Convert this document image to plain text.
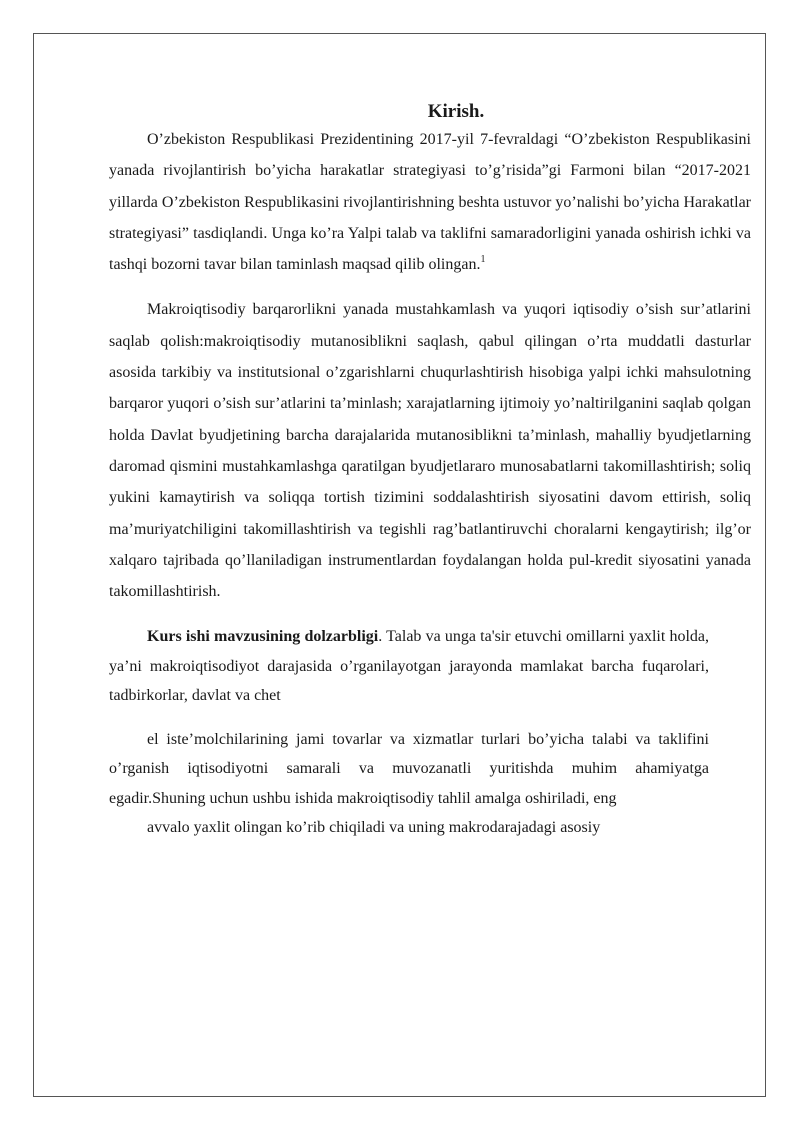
Kirish.

O’zbekiston Respublikasi Prezidentining 2017-yil 7-fevraldagi “O’zbekiston Respublikasini yanada rivojlantirish bo’yicha harakatlar strategiyasi to’g’risida”gi Farmoni bilan “2017-2021 yillarda O’zbekiston Respublikasini rivojlantirishning beshta ustuvor yo’nalishi bo’yicha Harakatlar strategiyasi” tasdiqlandi. Unga ko’ra Yalpi talab va taklifni samaradorligini yanada oshirish ichki va tashqi bozorni tavar bilan taminlash maqsad qilib olingan.$^1$

Makroiqtisodiy barqarorlikni yanada mustahkamlash va yuqori iqtisodiy o’sish sur’atlarini saqlab qolish:makroiqtisodiy mutanosiblikni saqlash, qabul qilingan o’rta muddatli dasturlar asosida tarkibiy va institutsional o’zgarishlarni chuqurlashtirish hisobiga yalpi ichki mahsulotning barqaror yuqori o’sish sur’atlarini ta’minlash; xarajatlarning ijtimoiy yo’naltirilganini saqlab qolgan holda Davlat byudjetining barcha darajalarida mutanosiblikni ta’minlash, mahalliy byudjetlarning daromad qismini mustahkamlashga qaratilgan byudjetlararo munosabatlarni takomillashtirish; soliq yukini kamaytirish va soliqqa tortish tizimini soddalashtirish siyosatini davom ettirish, soliq ma’muriyatchiligini takomillashtirish va tegishli rag’batlantiruvchi choralarni kengaytirish; ilg’or xalqaro tajribada qo’llaniladigan instrumentlardan foydalangan holda pul-kredit siyosatini yanada takomillashtirish.

Kurs ishi mavzusining dolzarbligi. Talab va unga ta'sir etuvchi omillarni yaxlit holda, ya’ni makroiqtisodiyot darajasida o’rganilayotgan jarayonda mamlakat barcha fuqarolari, tadbirkorlar, davlat va chet

el iste’molchilarining jami tovarlar va xizmatlar turlari bo’yicha talabi va taklifini o’rganish iqtisodiyotni samarali va muvozanatli yuritishda muhim ahamiyatga egadir.Shuning uchun ushbu ishida makroiqtisodiy tahlil amalga oshiriladi, eng

avvalo yaxlit olingan ko’rib chiqiladi va uning makrodarajadagi asosiy
